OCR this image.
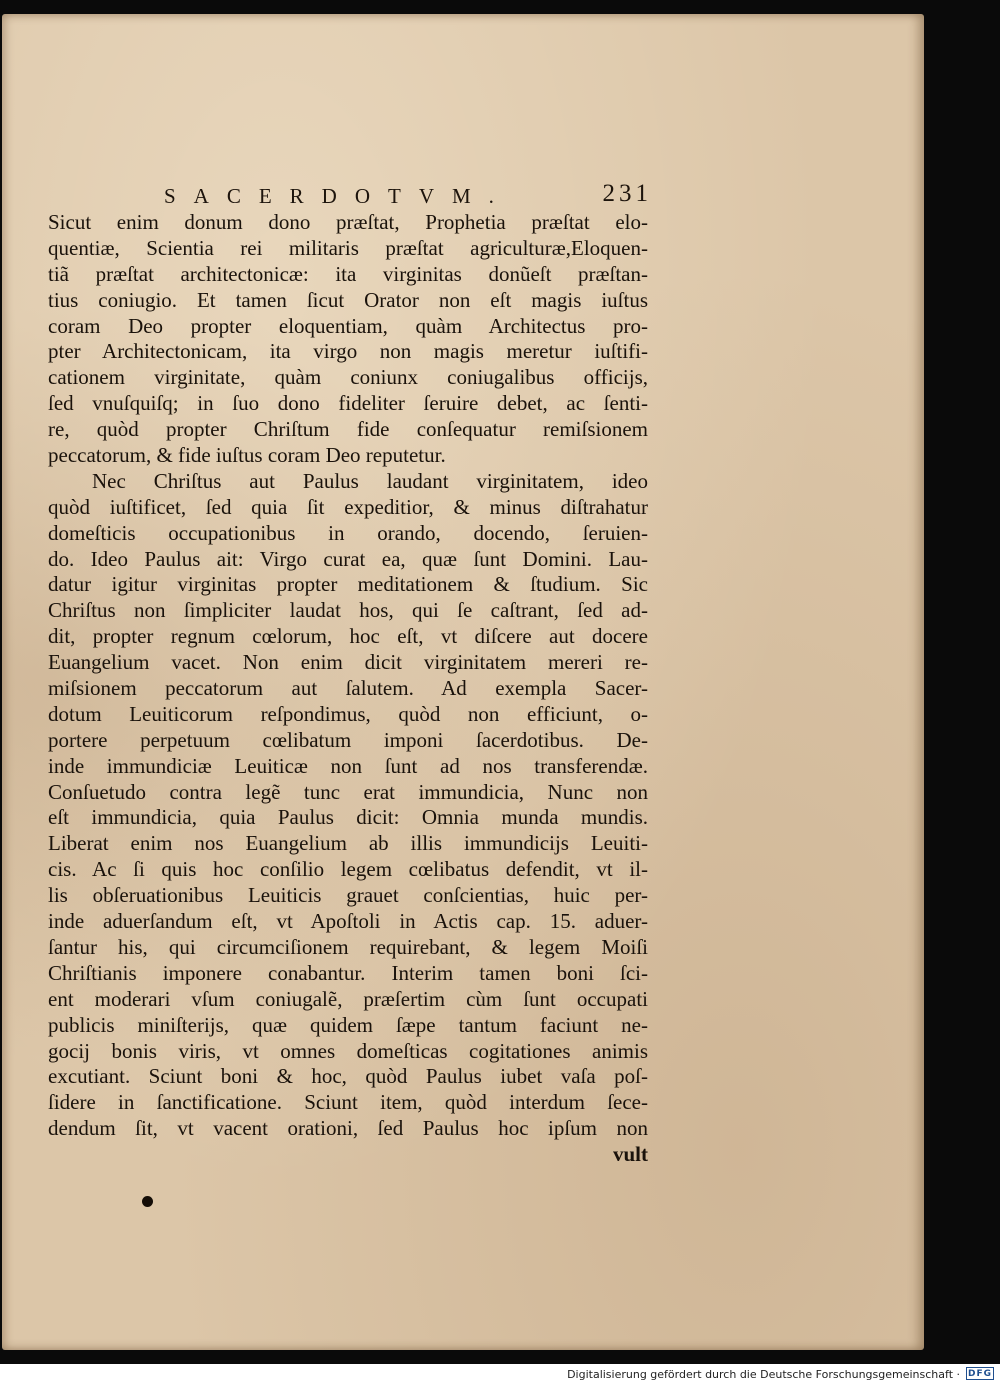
SACERDOTVM.	231
Sicut enim donum dono præſtat, Prophetia præſtat elo-
quentiæ, Scientia rei militaris præſtat agriculturæ,Eloquen-
tiã præſtat architectonicæ: ita virginitas donũeſt præſtan-
tius coniugio. Et tamen ſicut Orator non eſt magis iuſtus
coram Deo propter eloquentiam, quàm Architectus pro-
pter Architectonicam, ita virgo non magis meretur iuſtifi-
cationem virginitate, quàm coniunx coniugalibus officijs,
ſed vnuſquiſq; in ſuo dono fideliter ſeruire debet, ac ſenti-
re, quòd propter Chriſtum fide conſequatur remiſsionem
peccatorum, & fide iuſtus coram Deo reputetur.
Nec Chriſtus aut Paulus laudant virginitatem, ideo
quòd iuſtificet, ſed quia ſit expeditior, & minus diſtrahatur
domeſticis occupationibus in orando, docendo, ſeruien-
do. Ideo Paulus ait: Virgo curat ea, quæ ſunt Domini. Lau-
datur igitur virginitas propter meditationem & ſtudium. Sic
Chriſtus non ſimpliciter laudat hos, qui ſe caſtrant, ſed ad-
dit, propter regnum cœlorum, hoc eſt, vt diſcere aut docere
Euangelium vacet. Non enim dicit virginitatem mereri re-
miſsionem peccatorum aut ſalutem. Ad exempla Sacer-
dotum Leuiticorum reſpondimus, quòd non efficiunt, o-
portere perpetuum cœlibatum imponi ſacerdotibus. De-
inde immundiciæ Leuiticæ non ſunt ad nos transferendæ.
Conſuetudo contra legẽ tunc erat immundicia, Nunc non
eſt immundicia, quia Paulus dicit: Omnia munda mundis.
Liberat enim nos Euangelium ab illis immundicijs Leuiti-
cis. Ac ſi quis hoc conſilio legem cœlibatus defendit, vt il-
lis obſeruationibus Leuiticis grauet conſcientias, huic per-
inde aduerſandum eſt, vt Apoſtoli in Actis cap. 15. aduer-
ſantur his, qui circumciſionem requirebant, & legem Moiſi
Chriſtianis imponere conabantur. Interim tamen boni ſci-
ent moderari vſum coniugalẽ, præſertim cùm ſunt occupati
publicis miniſterijs, quæ quidem ſæpe tantum faciunt ne-
gocij bonis viris, vt omnes domeſticas cogitationes animis
excutiant. Sciunt boni & hoc, quòd Paulus iubet vaſa poſ-
ſidere in ſanctificatione. Sciunt item, quòd interdum ſece-
dendum ſit, vt vacent orationi, ſed Paulus hoc ipſum non
vult
Digitalisierung gefördert durch die Deutsche Forschungsgemeinschaft · DFG
